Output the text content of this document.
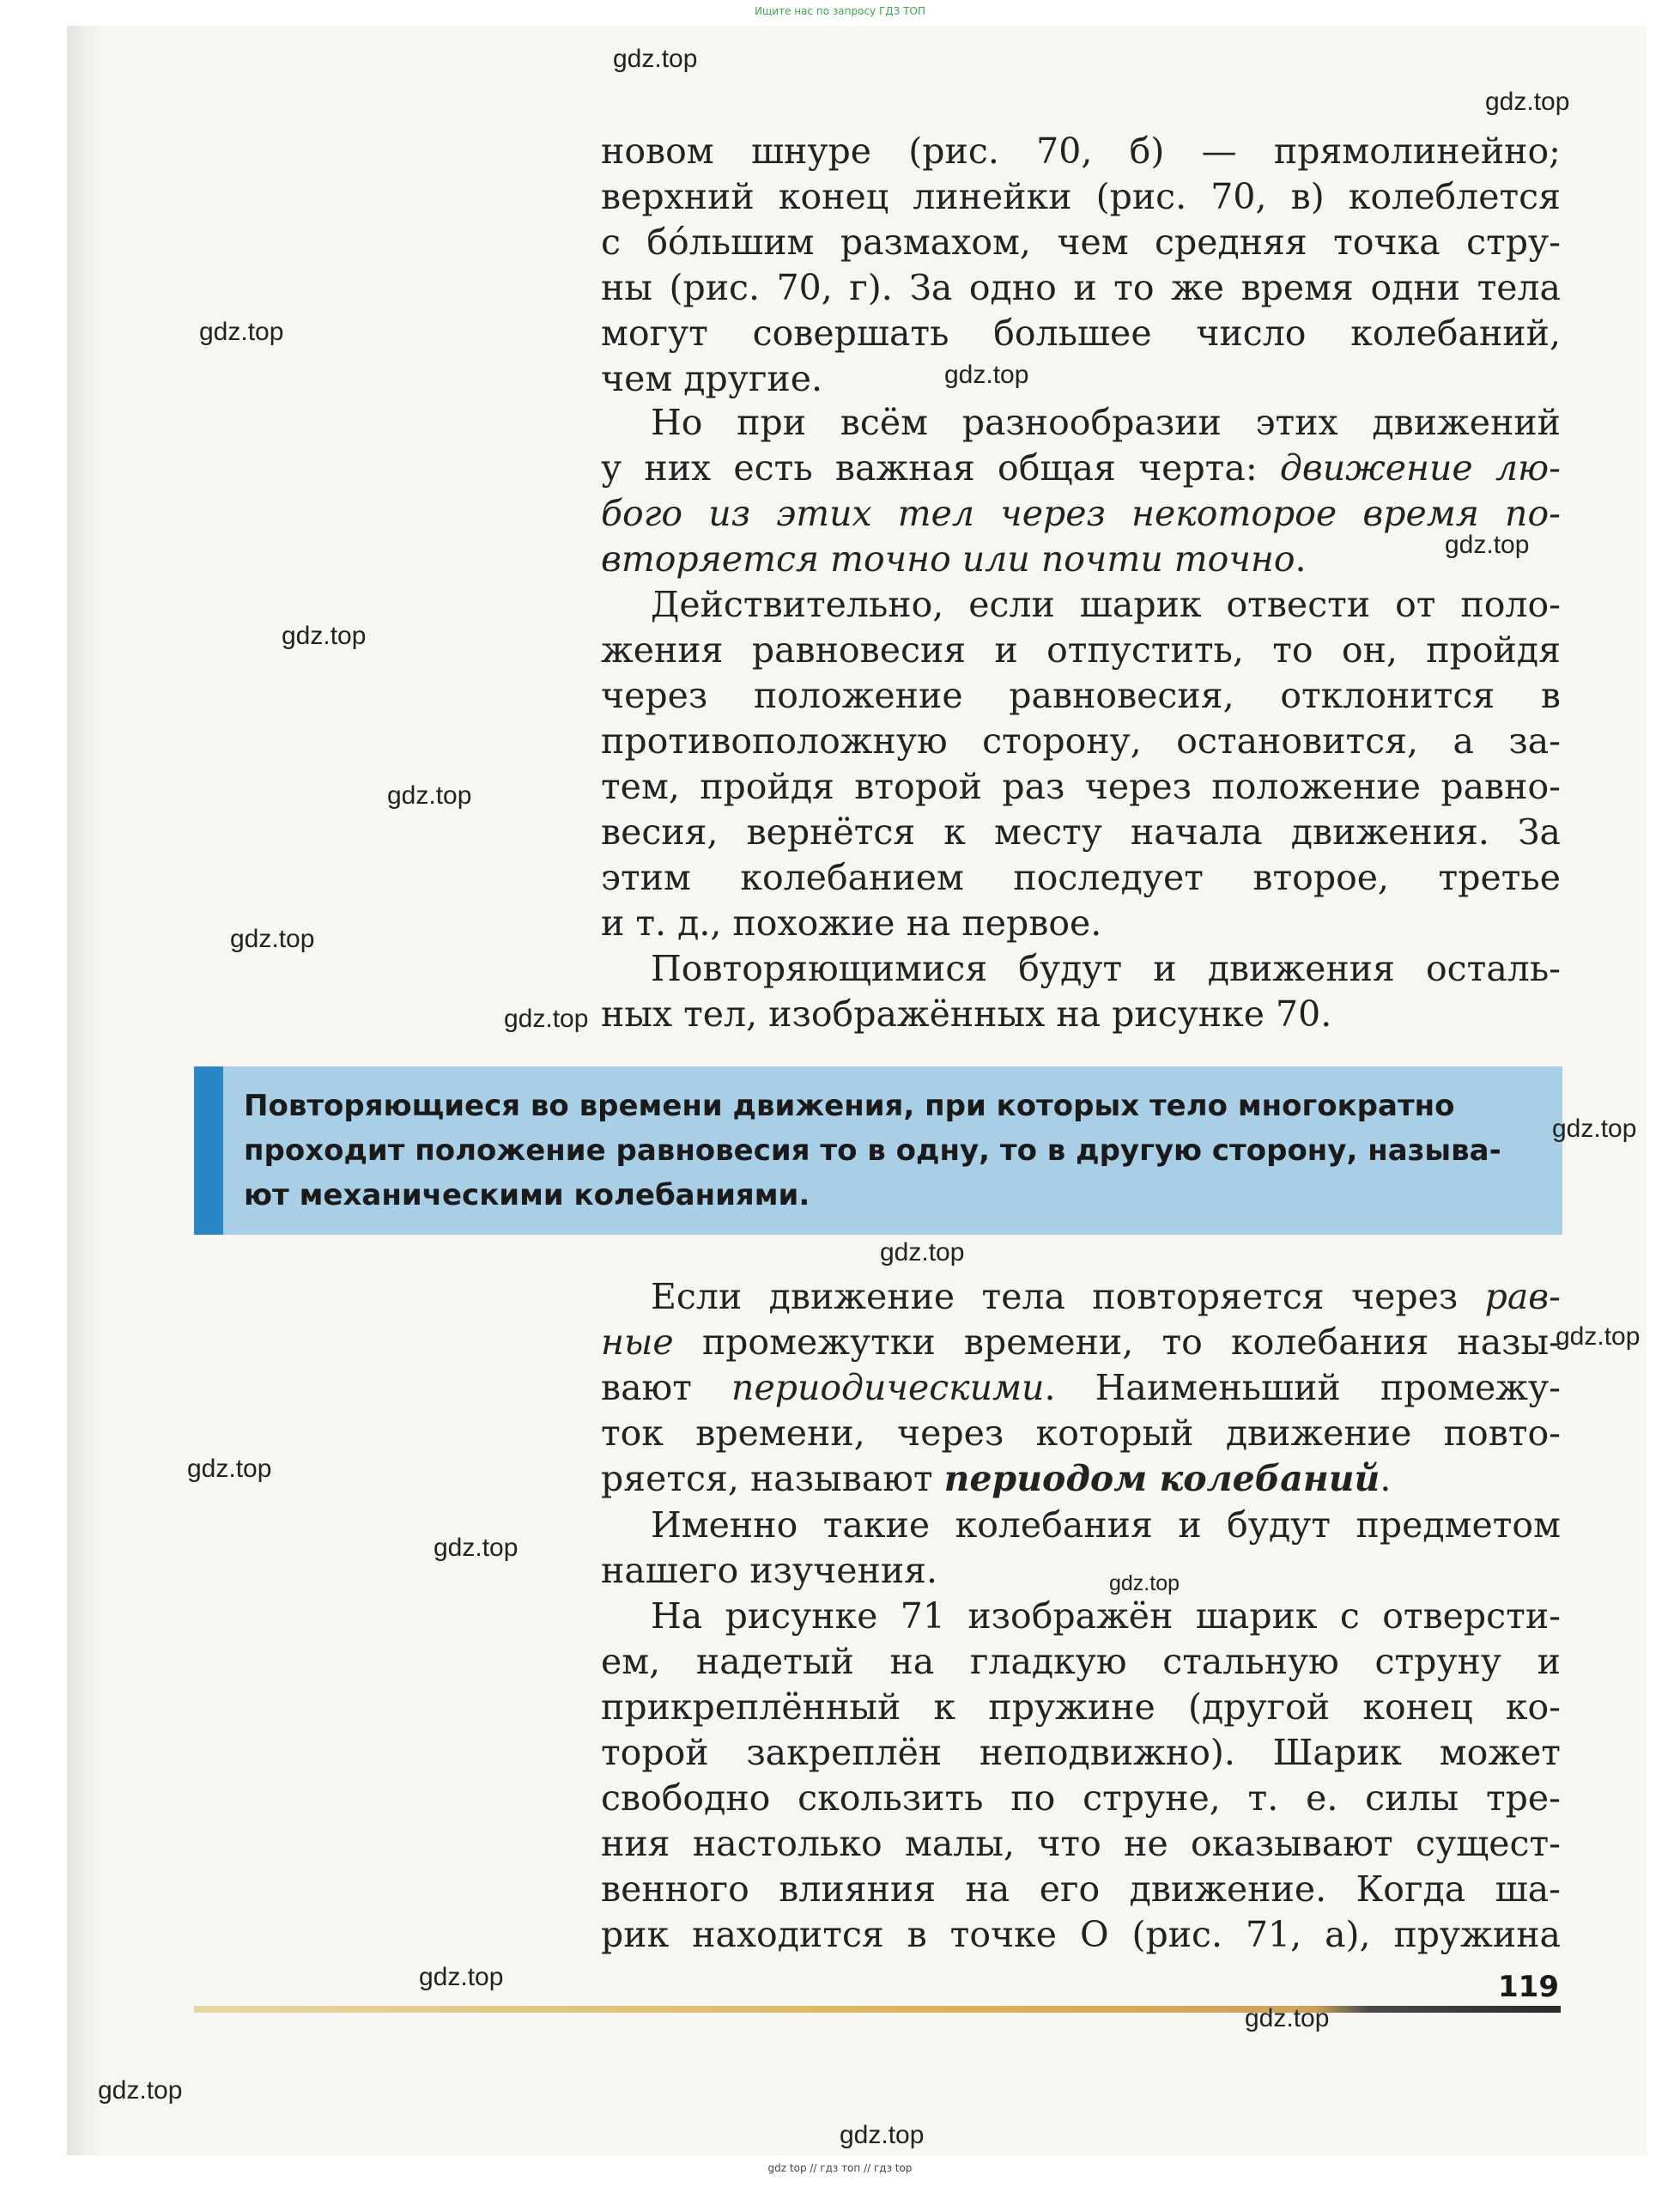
Ищите нас по запросу ГДЗ ТОП
новом шнуре (рис. 70, б) — прямолинейно;
верхний конец линейки (рис. 70, в) колеблется
с бóльшим размахом, чем средняя точка стру-
ны (рис. 70, г). За одно и то же время одни тела
могут совершать большее число колебаний,
чем другие.
Но при всём разнообразии этих движений
у них есть важная общая черта: движение лю-
бого из этих тел через некоторое время по-
вторяется точно или почти точно.
Действительно, если шарик отвести от поло-
жения равновесия и отпустить, то он, пройдя
через положение равновесия, отклонится в
противоположную сторону, остановится, а за-
тем, пройдя второй раз через положение равно-
весия, вернётся к месту начала движения. За
этим колебанием последует второе, третье
и т. д., похожие на первое.
Повторяющимися будут и движения осталь-
ных тел, изображённых на рисунке 70.
Повторяющиеся во времени движения, при которых тело многократно
проходит положение равновесия то в одну, то в другую сторону, называ-
ют механическими колебаниями.
Если движение тела повторяется через рав-
ные промежутки времени, то колебания назы-
вают периодическими. Наименьший промежу-
ток времени, через который движение повто-
ряется, называют периодом колебаний.
Именно такие колебания и будут предметом
нашего изучения.
На рисунке 71 изображён шарик с отверсти-
ем, надетый на гладкую стальную струну и
прикреплённый к пружине (другой конец ко-
торой закреплён неподвижно). Шарик может
свободно скользить по струне, т. е. силы тре-
ния настолько малы, что не оказывают сущест-
венного влияния на его движение. Когда ша-
рик находится в точке O (рис. 71, а), пружина
119
gdz.top
gdz.top
gdz.top
gdz.top
gdz.top
gdz.top
gdz.top
gdz.top
gdz.top
gdz.top
gdz.top
gdz.top
gdz.top
gdz.top
gdz.top
gdz.top
gdz.top
gdz.top
gdz.top
gdz top // гдз топ // гдз top
